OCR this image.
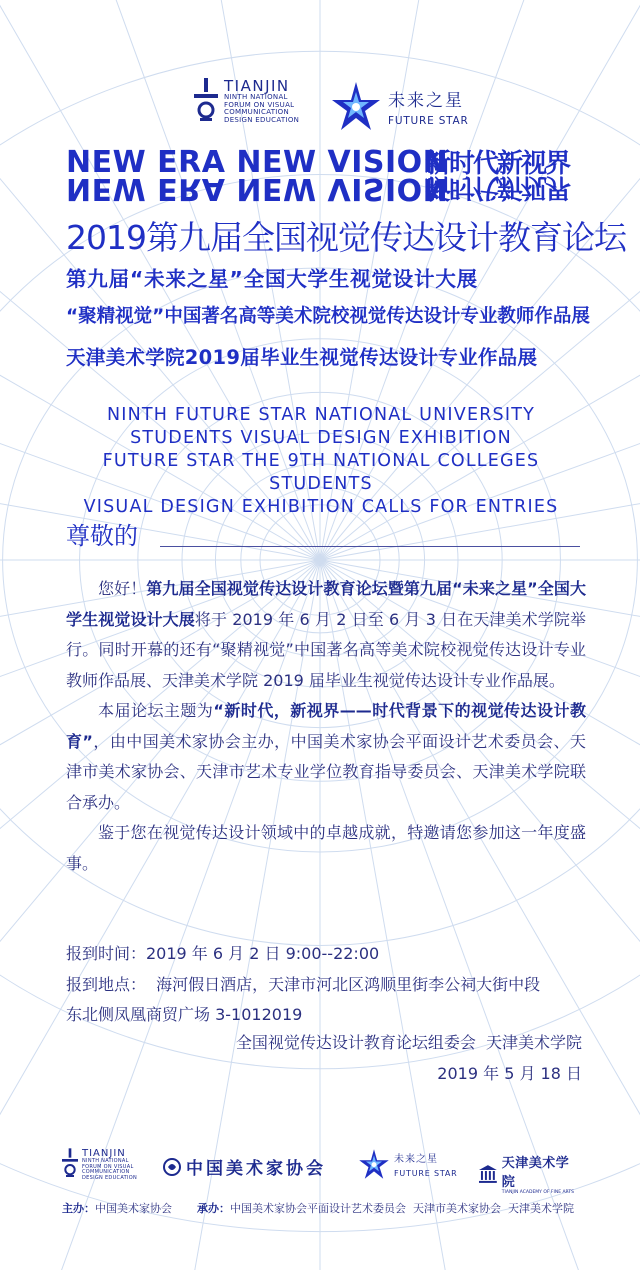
TIANJIN
NINTH NATIONAL
FORUM ON VISUAL
COMMUNICATION
DESIGN EDUCATION
未来之星
FUTURE STAR
NEW ERA NEW VISION
NEW ERA NEW VISION
新时代新视界
新时代新视界
2019第九届全国视觉传达设计教育论坛
第九届“未来之星”全国大学生视觉设计大展
“聚精视觉”中国著名高等美术院校视觉传达设计专业教师作品展
天津美术学院2019届毕业生视觉传达设计专业作品展
NINTH FUTURE STAR NATIONAL UNIVERSITY
STUDENTS VISUAL DESIGN EXHIBITION
FUTURE STAR THE 9TH NATIONAL COLLEGES STUDENTS
VISUAL DESIGN EXHIBITION CALLS FOR ENTRIES
尊敬的

您好！第九届全国视觉传达设计教育论坛暨第九届“未来之星”全国大学生视觉设计大展将于 2019 年 6 月 2 日至 6 月 3 日在天津美术学院举行。同时开幕的还有“聚精视觉”中国著名高等美术院校视觉传达设计专业教师作品展、天津美术学院 2019 届毕业生视觉传达设计专业作品展。

本届论坛主题为“新时代，新视界——时代背景下的视觉传达设计教育”，由中国美术家协会主办，中国美术家协会平面设计艺术委员会、天津市美术家协会、天津市艺术专业学位教育指导委员会、天津美术学院联合承办。

鉴于您在视觉传达设计领域中的卓越成就，特邀请您参加这一年度盛事。

报到时间：2019 年 6 月 2 日 9:00--22:00
报到地点：  海河假日酒店，天津市河北区鸿顺里街李公祠大街中段
东北侧凤凰商贸广场 3-1012019
全国视觉传达设计教育论坛组委会  天津美术学院
2019 年 5 月 18 日
TIANJIN
NINTH NATIONAL
FORUM ON VISUAL
COMMUNICATION
DESIGN EDUCATION	中国美术家协会	未来之星
FUTURE STAR
天津美术学院
TIANJIN ACADEMY OF FINE ARTS
主办：中国美术家协会 承办：中国美术家协会平面设计艺术委员会  天津市美术家协会  天津美术学院
